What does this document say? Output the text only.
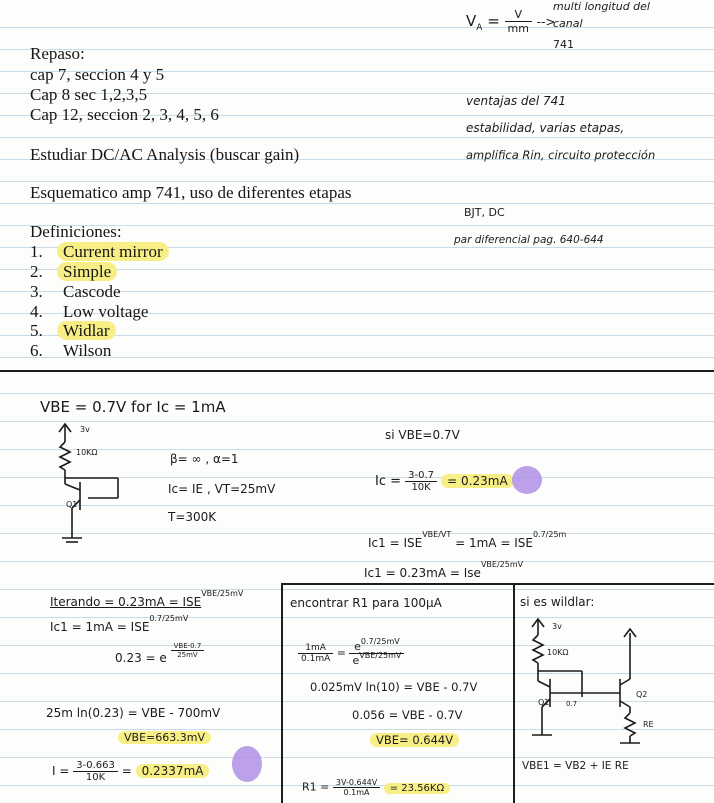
Repaso:
cap 7, seccion 4 y 5
Cap 8 sec 1,2,3,5
Cap 12, seccion 2, 3, 4, 5, 6
Estudiar DC/AC Analysis (buscar gain)
Esquematico amp 741, uso de diferentes etapas
Definiciones:
1. Current mirror
2. Simple
3. Cascode
4. Low voltage
5. Widlar
6. Wilson
$V_A = \frac{V}{mm}$ -->
multi longitud del
canal
741
ventajas del 741
estabilidad, varias etapas,
amplifica Rin, circuito protección
BJT, DC
par diferencial pag. 640-644
VBE = 0.7V for Ic = 1mA
3v
10KΩ
Q1
β= ∞ , α=1
Ic= IE , VT=25mV
T=300K
si VBE=0.7V
$Ic = \frac{3-0.7}{10K} = 0.23mA$
$Ic1 = ISE^{VBE/VT} = 1mA = ISE^{0.7/25m}$
Ic1 = 0.23mA = Ise$^{VBE/25mV}$
Iterando = $0.23mA = ISE^{VBE/25mV}$
$Ic1 = 1mA = ISE^{0.7/25mV}$
0.23 = e $\frac{\text{VBE-0.7}}{25mV}$
25m ln(0.23) = VBE - 700mV
VBE=663.3mV
$I = \frac{3-0.663}{10K} = 0.2337mA$
encontrar R1 para 100μA
$\frac{1mA}{0.1mA} = \frac{e^{0.7/25mV}}{e^{VBE/25mV}}$
0.025mV ln(10) = VBE - 0.7V
0.056 = VBE - 0.7V
VBE= 0.644V
$R1 = \frac{3V-0.644V}{0.1mA} = 23.56K\Omega$
si es wildlar:
3v
10KΩ
Q1 0.7
Q2
RE
VBE1 = VB2 + IE RE
